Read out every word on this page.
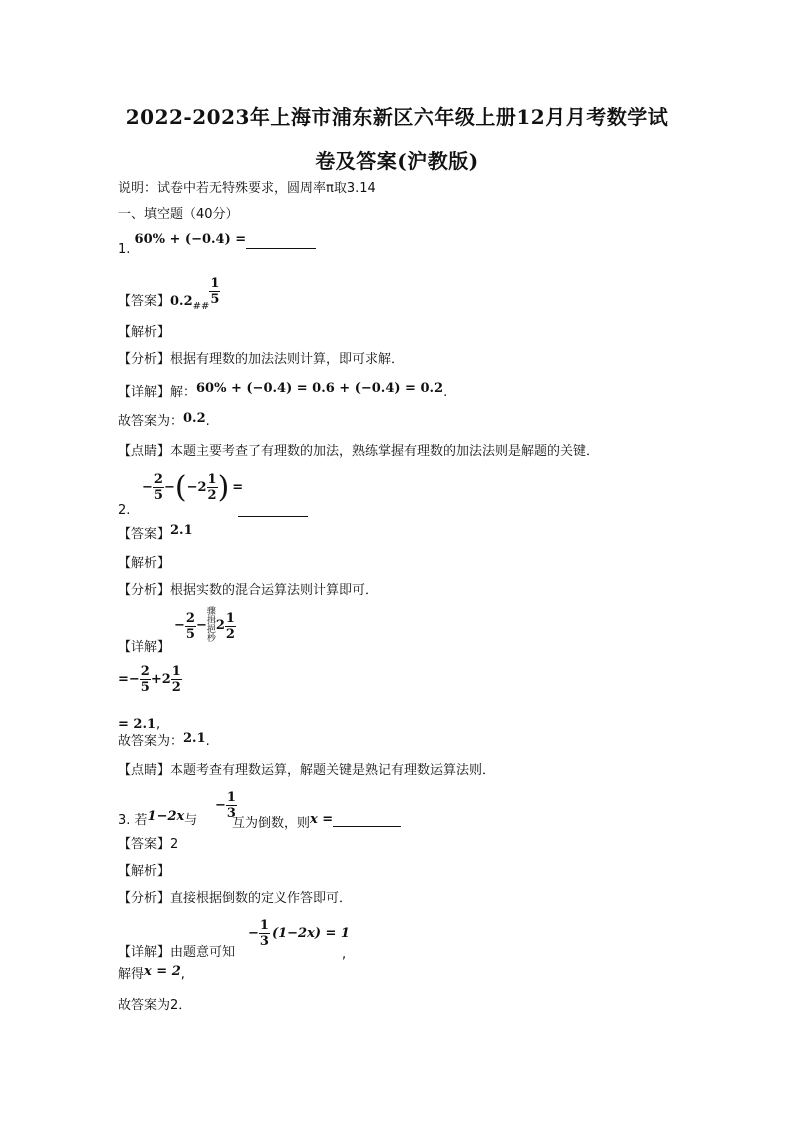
2022-2023年上海市浦东新区六年级上册12月月考数学试
卷及答案(沪教版)
说明：试卷中若无特殊要求，圆周率π取3.14
一、填空题（40分）
1. 60% + (−0.4) =
【答案】$0.2_{\#\#} \frac{1}{5}$
【解析】
【分析】根据有理数的加法法则计算，即可求解．
【详解】解：60% + (−0.4) = 0.6 + (−0.4) = 0.2.
故答案为：0.2.
【点睛】本题主要考查了有理数的加法，熟练掌握有理数的加法法则是解题的关键．
2.
− $\frac{2}{5}$ − ( $-2 \frac{1}{2}$ ) =
【答案】2.1
【解析】
【分析】根据实数的混合运算法则计算即可．
【详解】
− $\frac{2}{5}$ −
骤
揖
挹
杪
$2 \frac{1}{2}$
=− $\frac{2}{5} +2 \frac{1}{2}$
= 2.1,
故答案为：2.1.
【点睛】本题考查有理数运算，解题关键是熟记有理数运算法则．
3. 若1−2x与
− $\frac{1}{3}$
互为倒数，则x =
【答案】2
【解析】
【分析】直接根据倒数的定义作答即可．
【详解】由题意可知
− $\frac{1}{3} (1-2x) = 1$
,
解得x = 2,
故答案为2．
